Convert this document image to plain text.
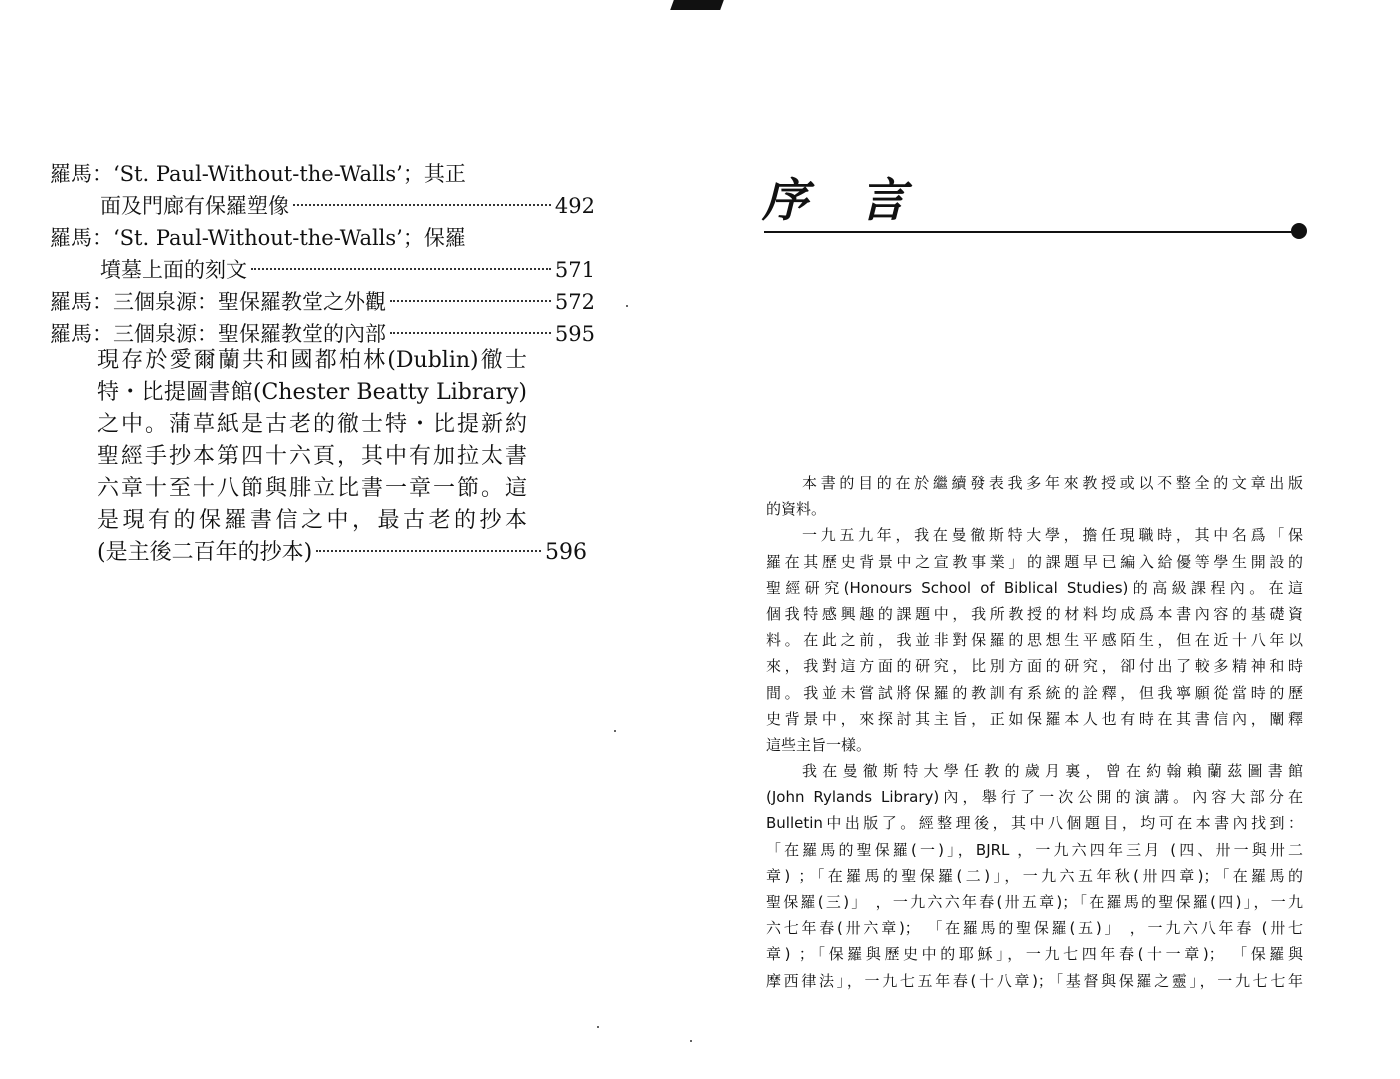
羅馬：‘St. Paul-Without-the-Walls’；其正
面及門廊有保羅塑像	492
羅馬：‘St. Paul-Without-the-Walls’；保羅
墳墓上面的刻文	571
羅馬：三個泉源：聖保羅教堂之外觀	572
羅馬：三個泉源：聖保羅教堂的內部	595
現存於愛爾蘭共和國都柏林(Dublin)徹士
特・比提圖書館(Chester Beatty Library)
之中。蒲草紙是古老的徹士特・比提新約
聖經手抄本第四十六頁，其中有加拉太書
六章十至十八節與腓立比書一章一節。這
是現有的保羅書信之中，最古老的抄本
(是主後二百年的抄本)	596
序言
本書的目的在於繼續發表我多年來教授或以不整全的文章出版
的資料。
一九五九年，我在曼徹斯特大學，擔任現職時，其中名爲「保
羅在其歷史背景中之宣教事業」的課題早已編入給優等學生開設的
聖經研究(Honours School of Biblical Studies)的高級課程內。在這
個我特感興趣的課題中，我所教授的材料均成爲本書內容的基礎資
料。在此之前，我並非對保羅的思想生平感陌生，但在近十八年以
來，我對這方面的研究，比別方面的研究，卻付出了較多精神和時
間。我並未嘗試將保羅的教訓有系統的詮釋，但我寧願從當時的歷
史背景中，來探討其主旨，正如保羅本人也有時在其書信內，闡釋
這些主旨一樣。
我在曼徹斯特大學任教的歲月裏，曾在約翰賴蘭茲圖書館
(John Rylands Library)內，舉行了一次公開的演講。內容大部分在
Bulletin中出版了。經整理後，其中八個題目，均可在本書內找到：
「在羅馬的聖保羅(一)」，BJRL ，一九六四年三月 (四、卅一與卅二
章) ；「在羅馬的聖保羅(二)」，一九六五年秋(卅四章)；「在羅馬的
聖保羅(三)」 ，一九六六年春(卅五章)；「在羅馬的聖保羅(四)」，一九
六七年春(卅六章)； 「在羅馬的聖保羅(五)」 ，一九六八年春 (卅七
章) ；「保羅與歷史中的耶穌」，一九七四年春(十一章)； 「保羅與
摩西律法」，一九七五年春(十八章)；「基督與保羅之靈」，一九七七年
